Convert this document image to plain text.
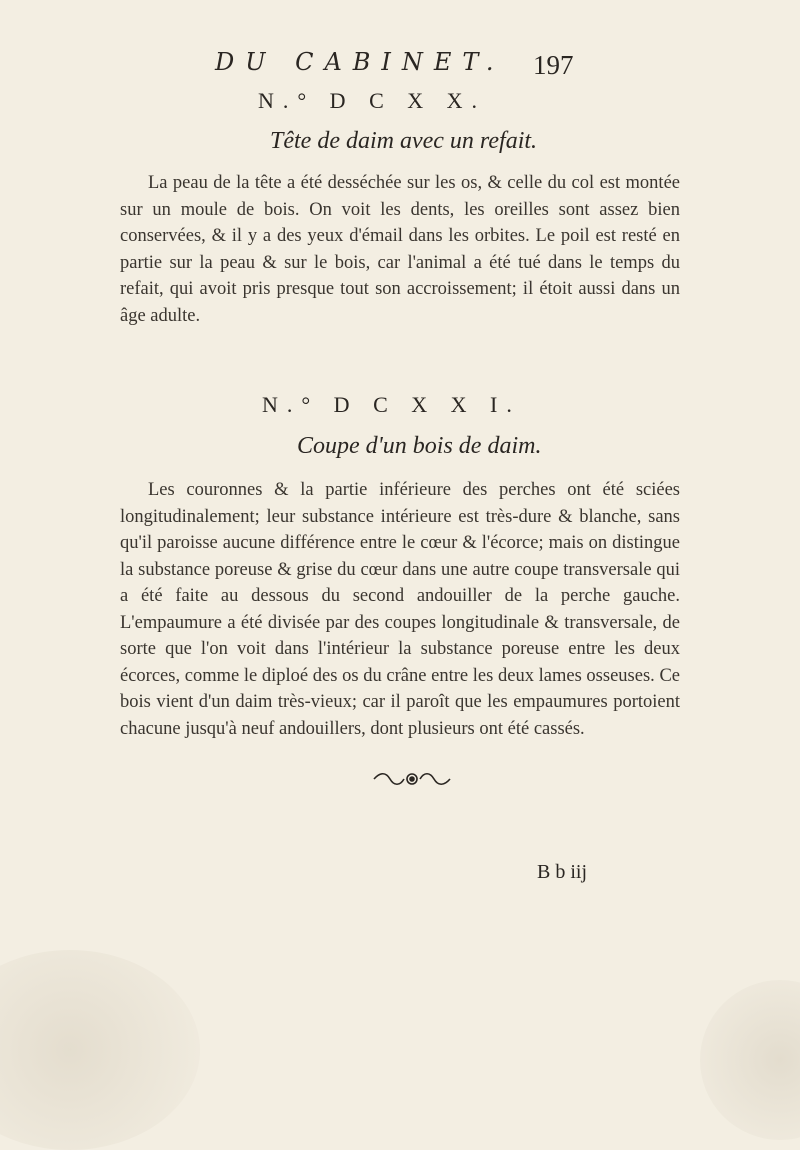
DU CABINET. 197
N.° D C X X.
Tête de daim avec un refait.

La peau de la tête a été desséchée sur les os, & celle du col est montée sur un moule de bois. On voit les dents, les oreilles sont assez bien conservées, & il y a des yeux d'émail dans les orbites. Le poil est resté en partie sur la peau & sur le bois, car l'animal a été tué dans le temps du refait, qui avoit pris presque tout son accroissement; il étoit aussi dans un âge adulte.

N.° D C X X I.
Coupe d'un bois de daim.

Les couronnes & la partie inférieure des perches ont été sciées longitudinalement; leur substance intérieure est très-dure & blanche, sans qu'il paroisse aucune différence entre le cœur & l'écorce; mais on distingue la substance poreuse & grise du cœur dans une autre coupe transversale qui a été faite au dessous du second andouiller de la perche gauche. L'empaumure a été divisée par des coupes longitudinale & transversale, de sorte que l'on voit dans l'intérieur la substance poreuse entre les deux écorces, comme le diploé des os du crâne entre les deux lames osseuses. Ce bois vient d'un daim très-vieux; car il paroît que les empaumures portoient chacune jusqu'à neuf andouillers, dont plusieurs ont été cassés.

B b iij
